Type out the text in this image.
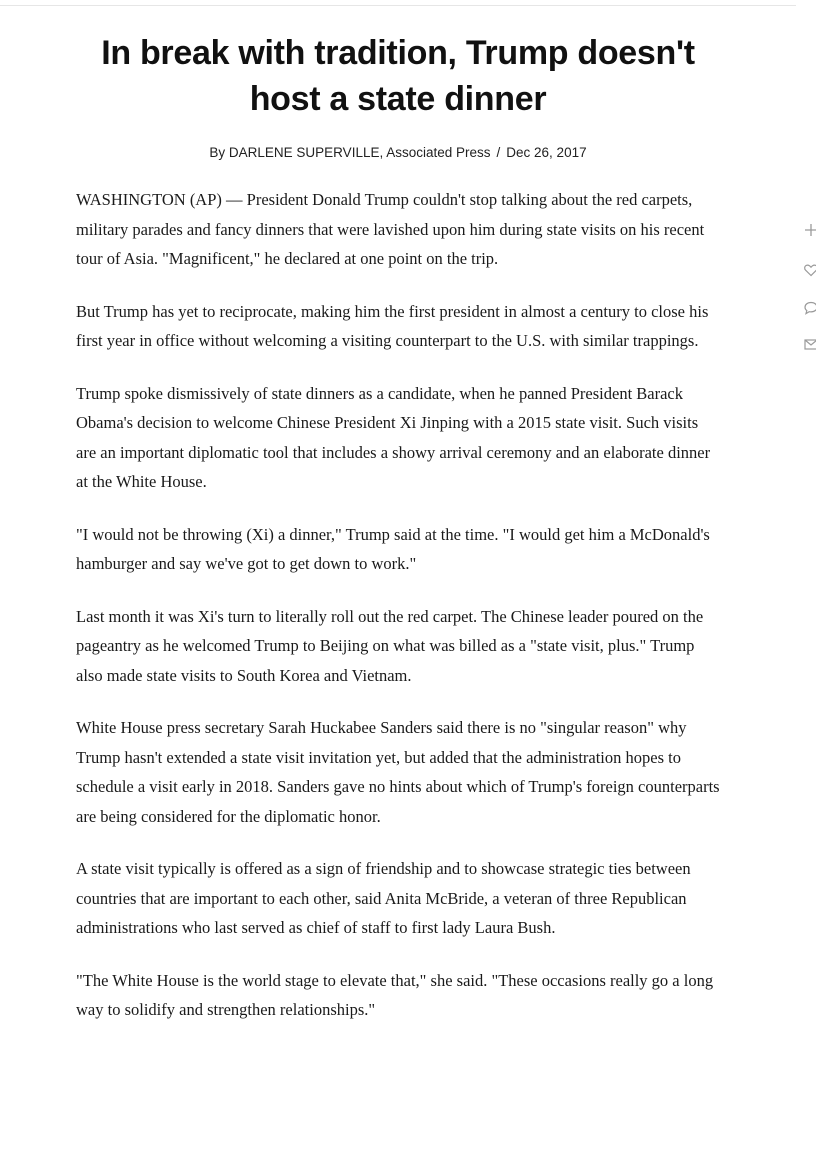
In break with tradition, Trump doesn't host a state dinner
By DARLENE SUPERVILLE, Associated Press / Dec 26, 2017

WASHINGTON (AP) — President Donald Trump couldn't stop talking about the red carpets, military parades and fancy dinners that were lavished upon him during state visits on his recent tour of Asia. "Magnificent," he declared at one point on the trip.

But Trump has yet to reciprocate, making him the first president in almost a century to close his first year in office without welcoming a visiting counterpart to the U.S. with similar trappings.

Trump spoke dismissively of state dinners as a candidate, when he panned President Barack Obama's decision to welcome Chinese President Xi Jinping with a 2015 state visit. Such visits are an important diplomatic tool that includes a showy arrival ceremony and an elaborate dinner at the White House.

"I would not be throwing (Xi) a dinner," Trump said at the time. "I would get him a McDonald's hamburger and say we've got to get down to work."

Last month it was Xi's turn to literally roll out the red carpet. The Chinese leader poured on the pageantry as he welcomed Trump to Beijing on what was billed as a "state visit, plus." Trump also made state visits to South Korea and Vietnam.

White House press secretary Sarah Huckabee Sanders said there is no "singular reason" why Trump hasn't extended a state visit invitation yet, but added that the administration hopes to schedule a visit early in 2018. Sanders gave no hints about which of Trump's foreign counterparts are being considered for the diplomatic honor.

A state visit typically is offered as a sign of friendship and to showcase strategic ties between countries that are important to each other, said Anita McBride, a veteran of three Republican administrations who last served as chief of staff to first lady Laura Bush.

"The White House is the world stage to elevate that," she said. "These occasions really go a long way to solidify and strengthen relationships."
